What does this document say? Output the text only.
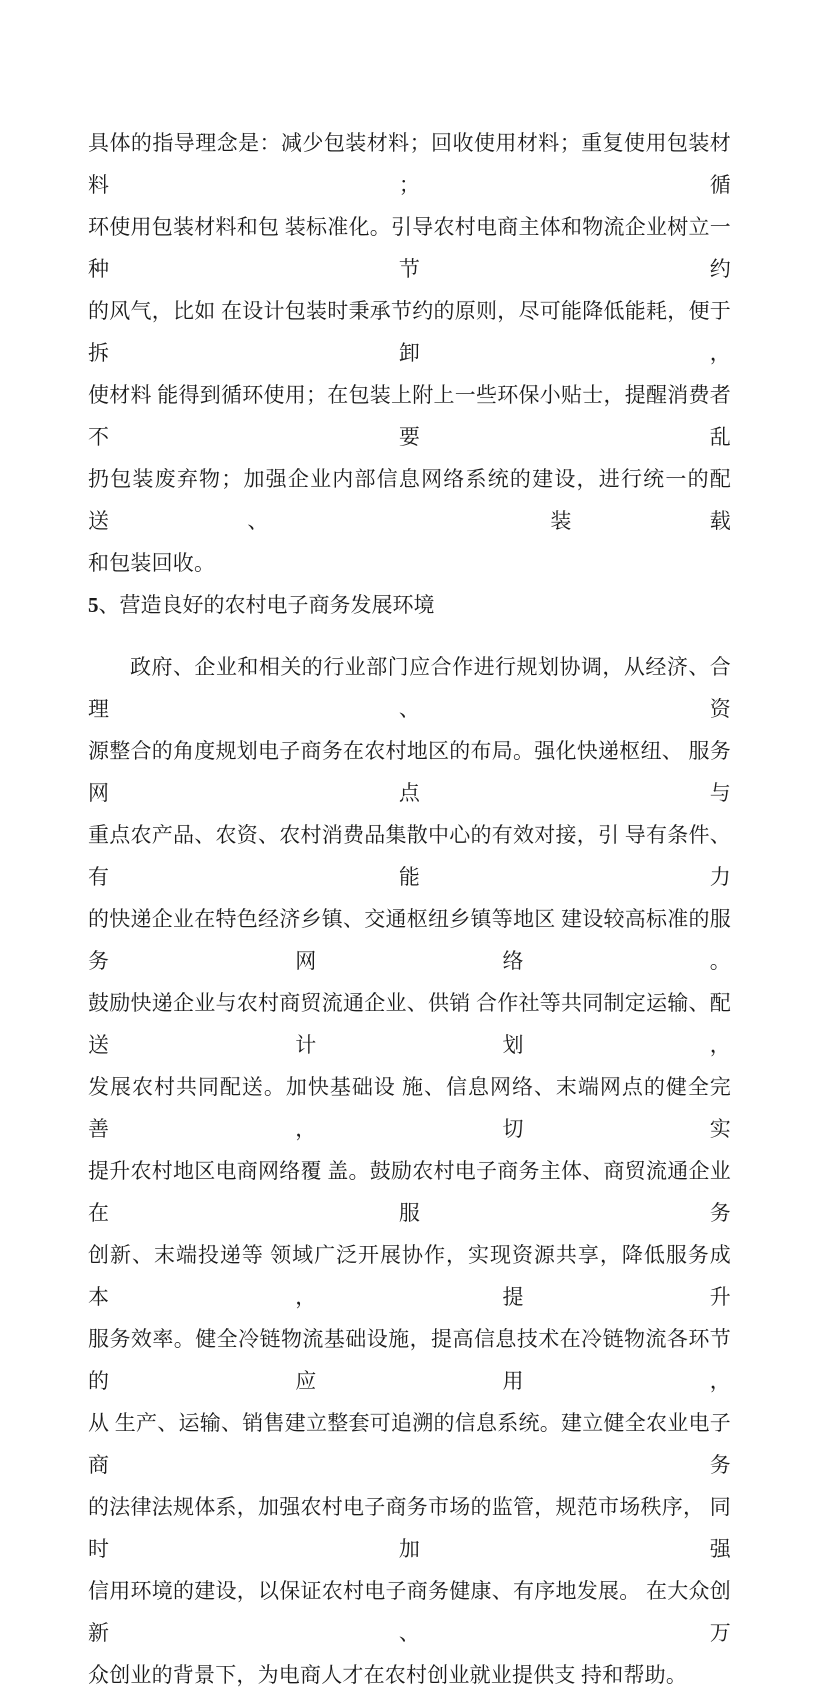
具体的指导理念是：减少包装材料；回收使用材料；重复使用包装材料；循
环使用包装材料和包 装标准化。引导农村电商主体和物流企业树立一种节约
的风气，比如 在设计包装时秉承节约的原则，尽可能降低能耗，便于拆卸，
使材料 能得到循环使用；在包装上附上一些环保小贴士，提醒消费者不要乱
扔包装废弃物；加强企业内部信息网络系统的建设，进行统一的配送、 装载
和包装回收。
5、营造良好的农村电子商务发展环境
政府、企业和相关的行业部门应合作进行规划协调，从经济、合 理、资
源整合的角度规划电子商务在农村地区的布局。强化快递枢纽、 服务网点与
重点农产品、农资、农村消费品集散中心的有效对接，引 导有条件、有能力
的快递企业在特色经济乡镇、交通枢纽乡镇等地区 建设较高标准的服务网络。
鼓励快递企业与农村商贸流通企业、供销 合作社等共同制定运输、配送计划，
发展农村共同配送。加快基础设 施、信息网络、末端网点的健全完善，切实
提升农村地区电商网络覆 盖。鼓励农村电子商务主体、商贸流通企业在服务
创新、末端投递等 领域广泛开展协作，实现资源共享，降低服务成本，提升
服务效率。健全冷链物流基础设施，提高信息技术在冷链物流各环节的应用，
从 生产、运输、销售建立整套可追溯的信息系统。建立健全农业电子商 务
的法律法规体系，加强农村电子商务市场的监管，规范市场秩序， 同时加强
信用环境的建设，以保证农村电子商务健康、有序地发展。 在大众创新、万
众创业的背景下，为电商人才在农村创业就业提供支 持和帮助。
